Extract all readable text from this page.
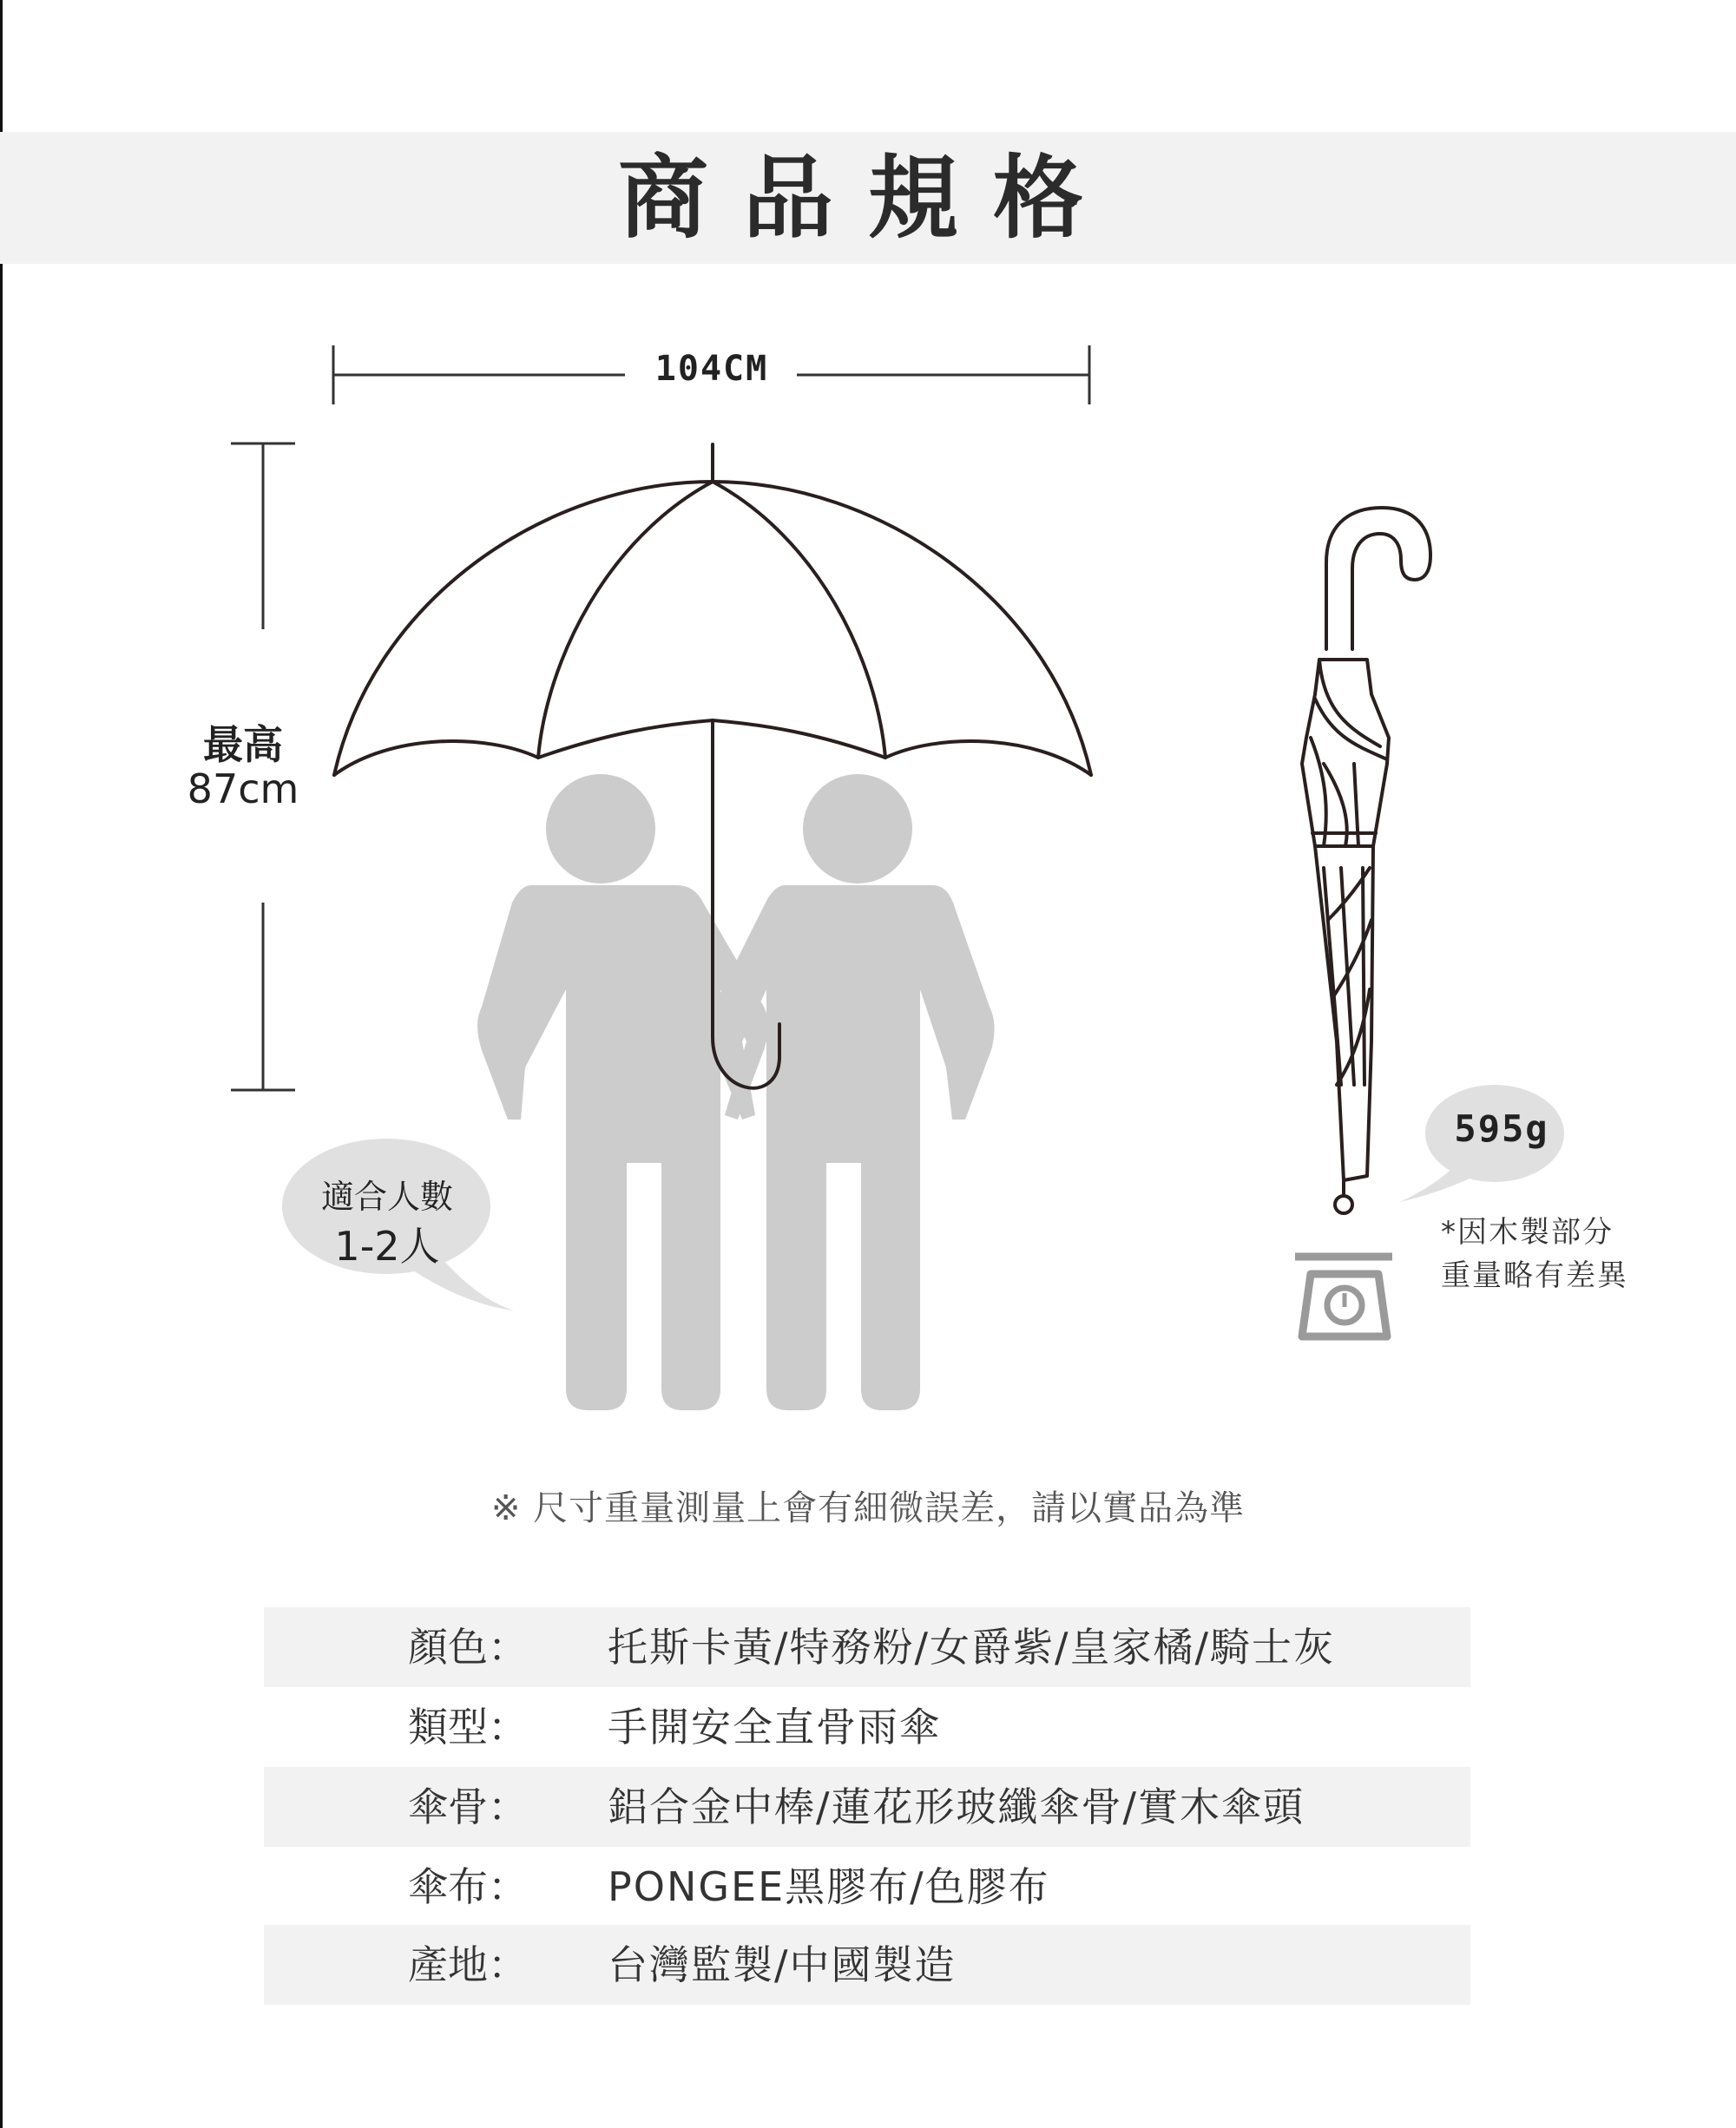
商品規格
104CM
最高
87cm
適合人數
1-2人
595g
*因木製部分
重量略有差異
※ 尺寸重量測量上會有細微誤差，請以實品為準
顏色： 托斯卡黃/特務粉/女爵紫/皇家橘/騎士灰
類型： 手開安全直骨雨傘
傘骨： 鋁合金中棒/蓮花形玻纖傘骨/實木傘頭
傘布： PONGEE黑膠布/色膠布
產地： 台灣監製/中國製造
